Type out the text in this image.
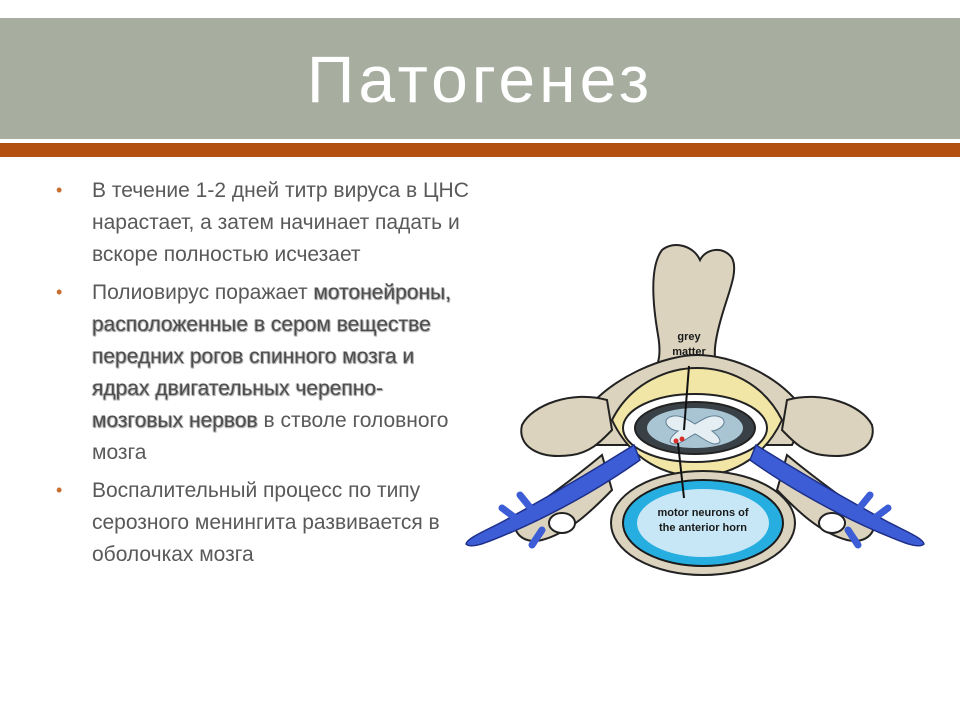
Патогенез
• В течение 1-2 дней титр вируса в ЦНС нарастает, а затем начинает падать и вскоре полностью исчезает
• Полиовирус поражает мотонейроны, расположенные в сером веществе передних рогов спинного мозга и ядрах двигательных черепно-мозговых нервов в стволе головного мозга
• Воспалительный процесс по типу серозного менингита развивается в оболочках мозга
grey
matter
motor neurons of
the anterior horn
